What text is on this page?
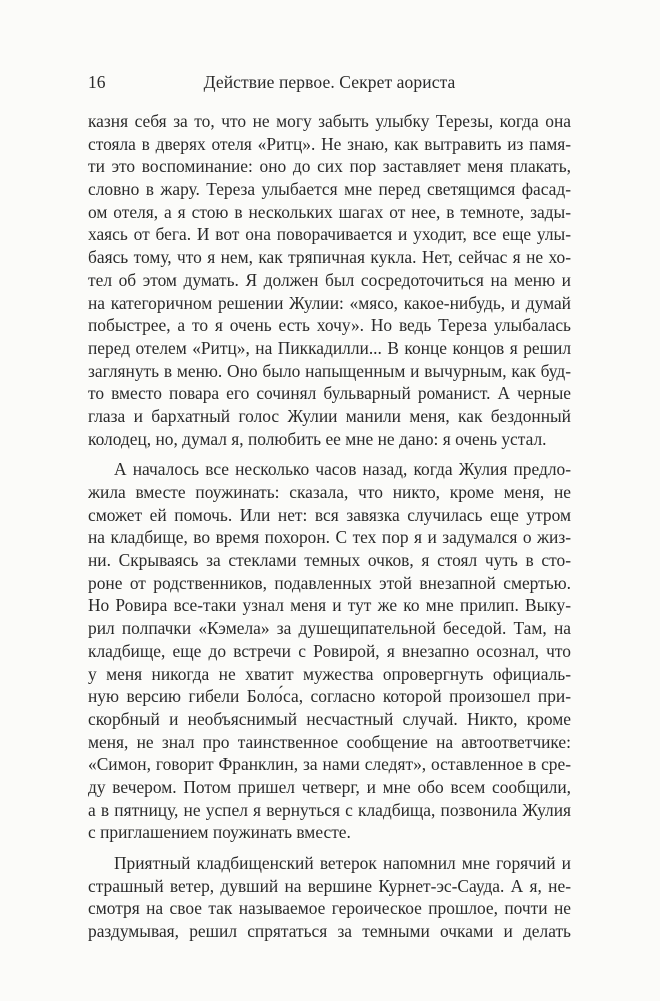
16	Действие первое. Секрет аориста
казня себя за то, что не могу забыть улыбку Терезы, когда она
стояла в дверях отеля «Ритц». Не знаю, как вытравить из памя-
ти это воспоминание: оно до сих пор заставляет меня плакать,
словно в жару. Тереза улыбается мне перед светящимся фасад-
ом отеля, а я стою в нескольких шагах от нее, в темноте, зады-
хаясь от бега. И вот она поворачивается и уходит, все еще улы-
баясь тому, что я нем, как тряпичная кукла. Нет, сейчас я не хо-
тел об этом думать. Я должен был сосредоточиться на меню и
на категоричном решении Жулии: «мясо, какое-нибудь, и думай
побыстрее, а то я очень есть хочу». Но ведь Тереза улыбалась
перед отелем «Ритц», на Пиккадилли... В конце концов я решил
заглянуть в меню. Оно было напыщенным и вычурным, как буд-
то вместо повара его сочинял бульварный романист. А черные
глаза и бархатный голос Жулии манили меня, как бездонный
колодец, но, думал я, полюбить ее мне не дано: я очень устал.
А началось все несколько часов назад, когда Жулия предло-
жила вместе поужинать: сказала, что никто, кроме меня, не
сможет ей помочь. Или нет: вся завязка случилась еще утром
на кладбище, во время похорон. С тех пор я и задумался о жиз-
ни. Скрываясь за стеклами темных очков, я стоял чуть в сто-
роне от родственников, подавленных этой внезапной смертью.
Но Ровира все-таки узнал меня и тут же ко мне прилип. Выку-
рил полпачки «Кэмела» за душещипательной беседой. Там, на
кладбище, еще до встречи с Ровирой, я внезапно осознал, что
у меня никогда не хватит мужества опровергнуть официаль-
ную версию гибели Боло́са, согласно которой произошел при-
скорбный и необъяснимый несчастный случай. Никто, кроме
меня, не знал про таинственное сообщение на автоответчике:
«Симон, говорит Франклин, за нами следят», оставленное в сре-
ду вечером. Потом пришел четверг, и мне обо всем сообщили,
а в пятницу, не успел я вернуться с кладбища, позвонила Жулия
с приглашением поужинать вместе.
Приятный кладбищенский ветерок напомнил мне горячий и
страшный ветер, дувший на вершине Курнет-эс-Сауда. А я, не-
смотря на свое так называемое героическое прошлое, почти не
раздумывая, решил спрятаться за темными очками и делать
